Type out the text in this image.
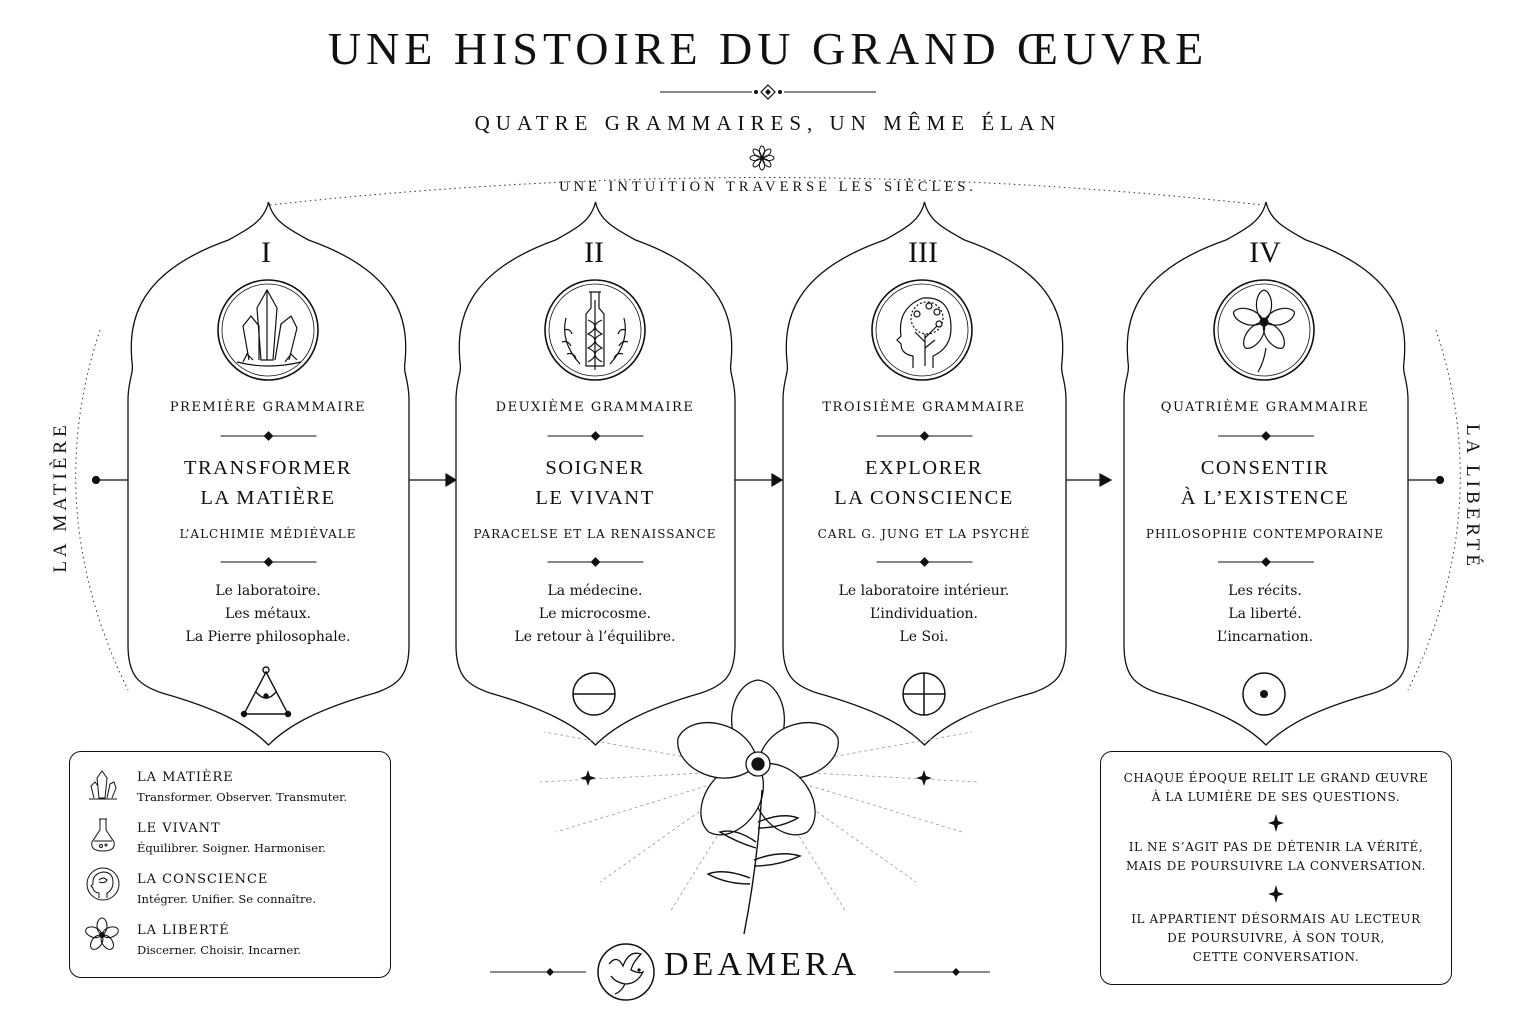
UNE HISTOIRE DU GRAND ŒUVRE
QUATRE GRAMMAIRES, UN MÊME ÉLAN
UNE INTUITION TRAVERSE LES SIÈCLES.
LA MATIÈRE	LA LIBERTÉ
I
PREMIÈRE GRAMMAIRE
TRANSFORMER
LA MATIÈRE
L’ALCHIMIE MÉDIÉVALE
Le laboratoire.
Les métaux.
La Pierre philosophale.
II
DEUXIÈME GRAMMAIRE
SOIGNER
LE VIVANT
PARACELSE ET LA RENAISSANCE
La médecine.
Le microcosme.
Le retour à l’équilibre.
III
TROISIÈME GRAMMAIRE
EXPLORER
LA CONSCIENCE
CARL G. JUNG ET LA PSYCHÉ
Le laboratoire intérieur.
L’individuation.
Le Soi.
IV
QUATRIÈME GRAMMAIRE
CONSENTIR
À L’EXISTENCE
PHILOSOPHIE CONTEMPORAINE
Les récits.
La liberté.
L’incarnation.
LA MATIÈRE
Transformer. Observer. Transmuter.
LE VIVANT
Équilibrer. Soigner. Harmoniser.
LA CONSCIENCE
Intégrer. Unifier. Se connaître.
LA LIBERTÉ
Discerner. Choisir. Incarner.
CHAQUE ÉPOQUE RELIT LE GRAND ŒUVRE
À LA LUMIÈRE DE SES QUESTIONS.
IL NE S’AGIT PAS DE DÉTENIR LA VÉRITÉ,
MAIS DE POURSUIVRE LA CONVERSATION.
IL APPARTIENT DÉSORMAIS AU LECTEUR
DE POURSUIVRE, À SON TOUR,
CETTE CONVERSATION.
DEAMERA
